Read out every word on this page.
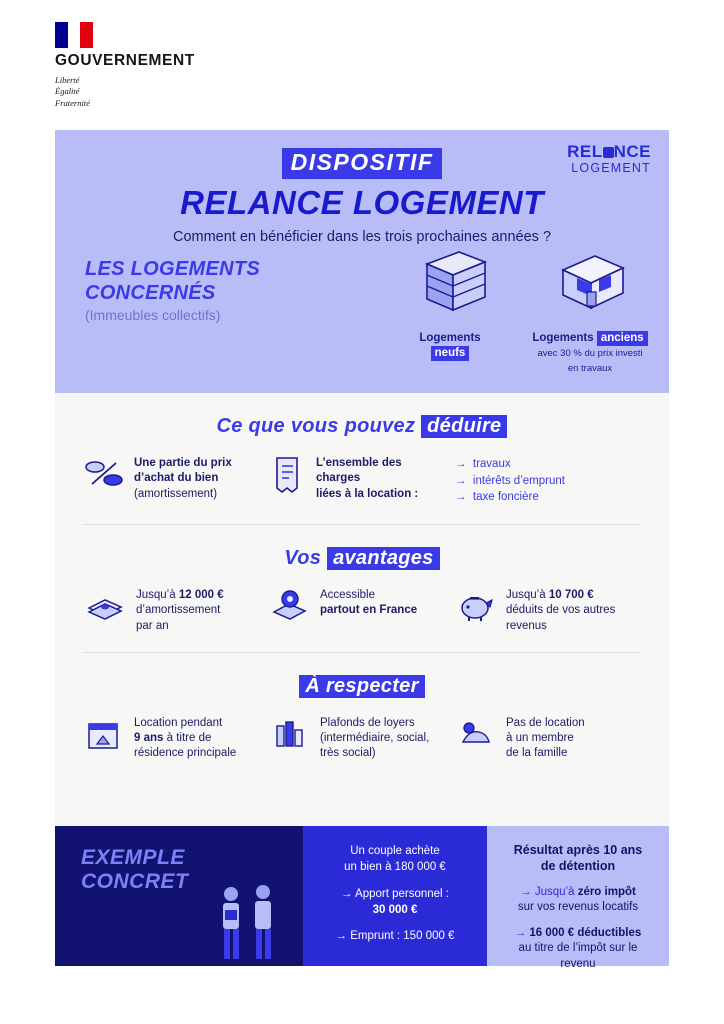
GOUVERNEMENT
Liberté
Égalité
Fraternité
REL NCE
LOGEMENT
DISPOSITIF
RELANCE LOGEMENT
Comment en bénéficier dans les trois prochaines années ?
LES LOGEMENTS
CONCERNÉS
(Immeubles collectifs)
Logements
neufs
Logements anciens
avec 30 % du prix investi
en travaux
Ce que vous pouvez déduire
Une partie du prix
d’achat du bien
(amortissement)
L’ensemble des charges
liées à la location :
→ travaux
→ intérêts d’emprunt
→ taxe foncière
Vos avantages
Jusqu’à 12 000 €
d’amortissement
par an
Accessible
partout en France
Jusqu’à 10 700 €
déduits de vos autres
revenus
À respecter
Location pendant
9 ans à titre de
résidence principale
Plafonds de loyers
(intermédiaire, social,
très social)
Pas de location
à un membre
de la famille
EXEMPLE
CONCRET
Un couple achète
un bien à 180 000 €
→ Apport personnel :
30 000 €
→ Emprunt : 150 000 €
Résultat après 10 ans
de détention

→ Jusqu’à zéro impôt
sur vos revenus locatifs

→ 16 000 € déductibles
au titre de l’impôt sur le revenu
